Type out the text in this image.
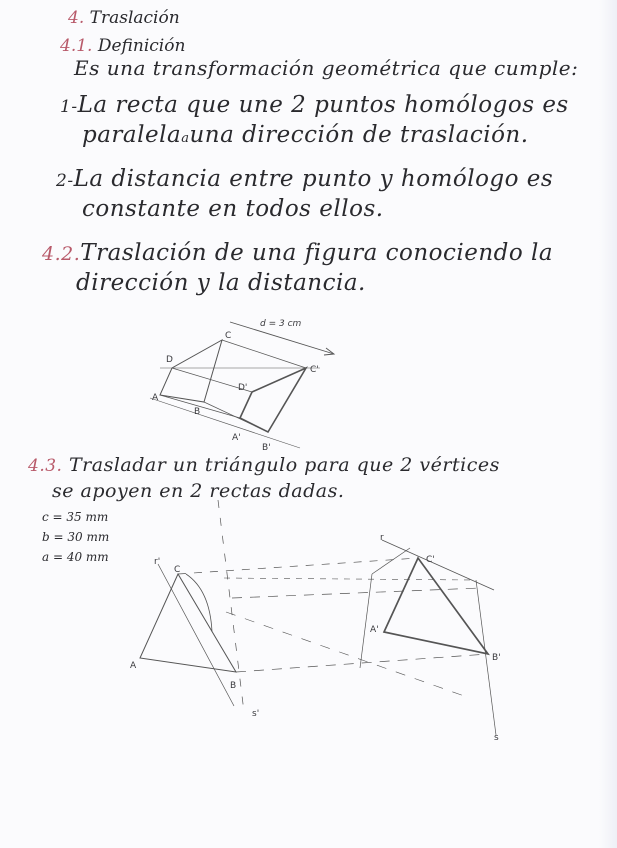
4. Traslación
4.1. Definición
Es una transformación geométrica que cumple:
1-La recta que une 2 puntos homólogos es
paralelaauna dirección de traslación.
2-La distancia entre punto y homólogo es
constante en todos ellos.
4.2.Traslación de una figura conociendo la
dirección y la distancia.
d = 3 cm
A
B
C
D
A'
B'
C'
D'
4.3. Trasladar un triángulo para que 2 vértices
se apoyen en 2 rectas dadas.
c = 35 mm
b = 30 mm
a = 40 mm
A
B
C
A'
B'
C'
r'
r
s'
s
